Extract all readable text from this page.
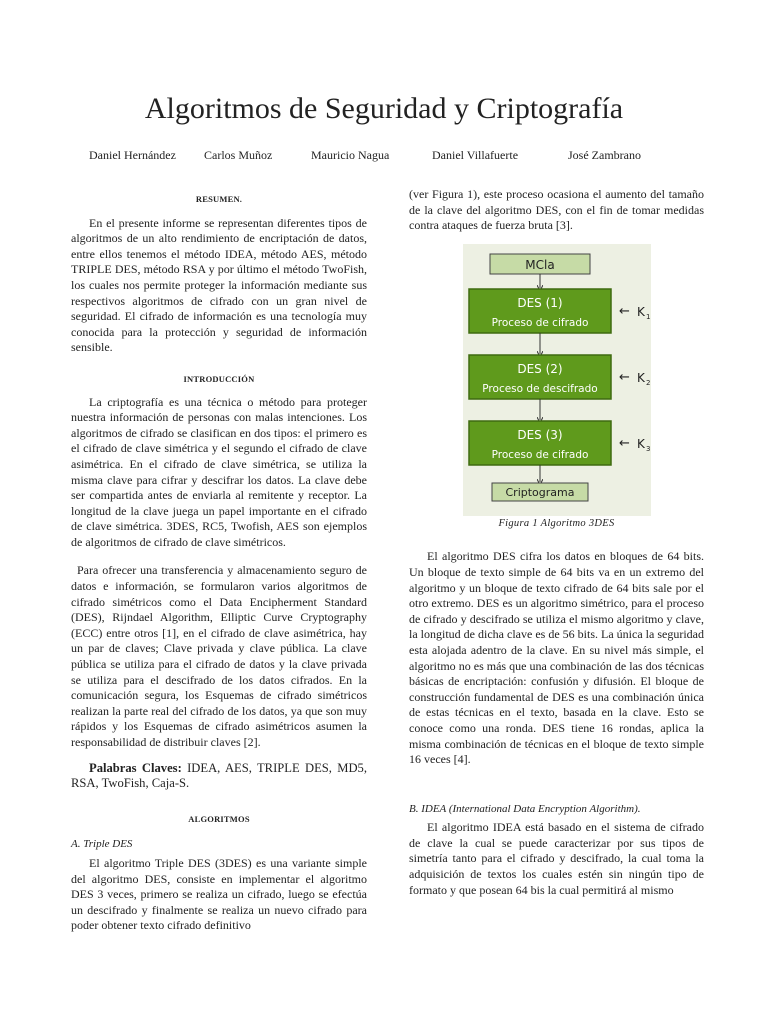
Algoritmos de Seguridad y Criptografía
Daniel Hernández Carlos Muñoz	Mauricio Nagua	Daniel Villafuerte	José Zambrano

RESUMEN.

En el presente informe se representan diferentes tipos de algoritmos de un alto rendimiento de encriptación de datos, entre ellos tenemos el método IDEA, método AES, método TRIPLE DES, método RSA y por último el método TwoFish, los cuales nos permite proteger la información mediante sus respectivos algoritmos de cifrado con un gran nivel de seguridad. El cifrado de información es una tecnología muy conocida para la protección y seguridad de información sensible.

INTRODUCCIÓN

La criptografía es una técnica o método para proteger nuestra información de personas con malas intenciones. Los algoritmos de cifrado se clasifican en dos tipos: el primero es el cifrado de clave simétrica y el segundo el cifrado de clave asimétrica. En el cifrado de clave simétrica, se utiliza la misma clave para cifrar y descifrar los datos. La clave debe ser compartida antes de enviarla al remitente y receptor. La longitud de la clave juega un papel importante en el cifrado de clave simétrica. 3DES, RC5, Twofish, AES son ejemplos de algoritmos de cifrado de clave simétricos.

Para ofrecer una transferencia y almacenamiento seguro de datos e información, se formularon varios algoritmos de cifrado simétricos como el Data Encipherment Standard (DES), Rijndael Algorithm, Elliptic Curve Cryptography (ECC) entre otros [1], en el cifrado de clave asimétrica, hay un par de claves; Clave privada y clave pública. La clave pública se utiliza para el cifrado de datos y la clave privada se utiliza para el descifrado de los datos cifrados. En la comunicación segura, los Esquemas de cifrado simétricos realizan la parte real del cifrado de los datos, ya que son muy rápidos y los Esquemas de cifrado asimétricos asumen la responsabilidad de distribuir claves [2].

Palabras Claves: IDEA, AES, TRIPLE DES, MD5, RSA, TwoFish, Caja-S.

ALGORITMOS

A. Triple DES

El algoritmo Triple DES (3DES) es una variante simple del algoritmo DES, consiste en implementar el algoritmo DES 3 veces, primero se realiza un cifrado, luego se efectúa un descifrado y finalmente se realiza un nuevo cifrado para poder obtener texto cifrado definitivo

(ver Figura 1), este proceso ocasiona el aumento del tamaño de la clave del algoritmo DES, con el fin de tomar medidas contra ataques de fuerza bruta [3].

MCla
DES (1)
Proceso de cifrado
← K 1
DES (2)
Proceso de descifrado
← K 2
DES (3)
Proceso de cifrado
← K 3
Criptograma

Figura 1 Algoritmo 3DES

El algoritmo DES cifra los datos en bloques de 64 bits. Un bloque de texto simple de 64 bits va en un extremo del algoritmo y un bloque de texto cifrado de 64 bits sale por el otro extremo. DES es un algoritmo simétrico, para el proceso de cifrado y descifrado se utiliza el mismo algoritmo y clave, la longitud de dicha clave es de 56 bits. La única la seguridad esta alojada adentro de la clave. En su nivel más simple, el algoritmo no es más que una combinación de las dos técnicas básicas de encriptación: confusión y difusión. El bloque de construcción fundamental de DES es una combinación única de estas técnicas en el texto, basada en la clave. Esto se conoce como una ronda. DES tiene 16 rondas, aplica la misma combinación de técnicas en el bloque de texto simple 16 veces [4].

B. IDEA (International Data Encryption Algorithm).

El algoritmo IDEA está basado en el sistema de cifrado de clave la cual se puede caracterizar por sus tipos de simetría tanto para el cifrado y descifrado, la cual toma la adquisición de textos los cuales estén sin ningún tipo de formato y que posean 64 bis la cual permitirá al mismo
